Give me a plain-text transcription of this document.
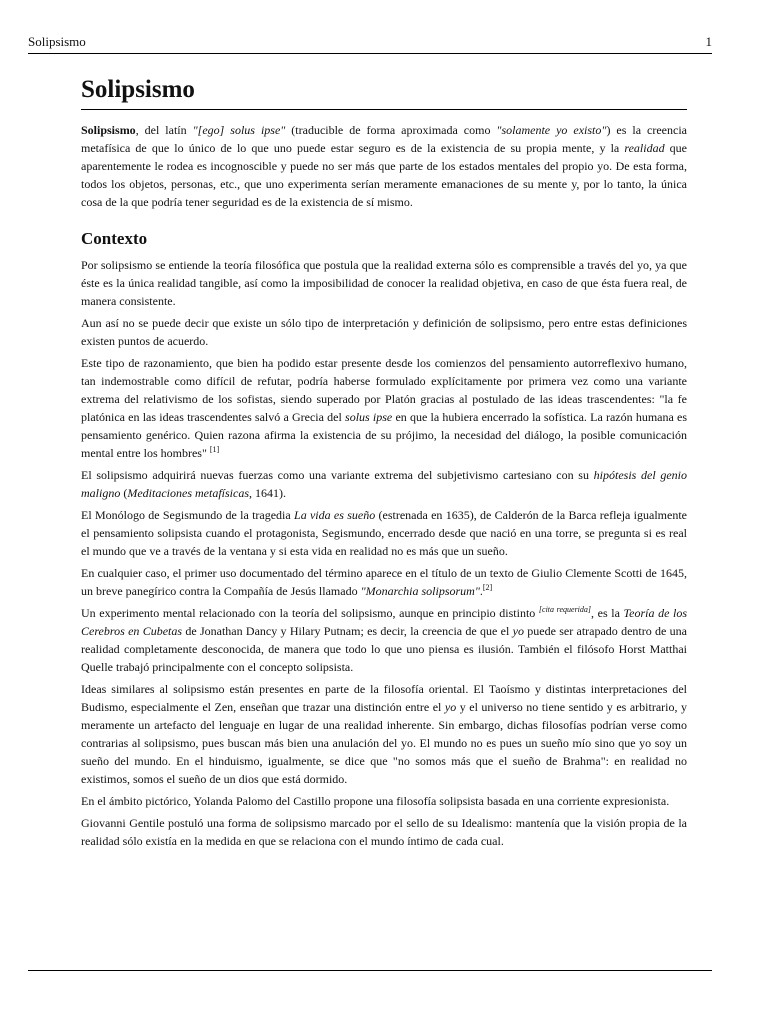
Solipsismo	1
Solipsismo

Solipsismo, del latín "[ego] solus ipse" (traducible de forma aproximada como "solamente yo existo") es la creencia metafísica de que lo único de lo que uno puede estar seguro es de la existencia de su propia mente, y la realidad que aparentemente le rodea es incognoscible y puede no ser más que parte de los estados mentales del propio yo. De esta forma, todos los objetos, personas, etc., que uno experimenta serían meramente emanaciones de su mente y, por lo tanto, la única cosa de la que podría tener seguridad es de la existencia de sí mismo.

Contexto

Por solipsismo se entiende la teoría filosófica que postula que la realidad externa sólo es comprensible a través del yo, ya que éste es la única realidad tangible, así como la imposibilidad de conocer la realidad objetiva, en caso de que ésta fuera real, de manera consistente.

Aun así no se puede decir que existe un sólo tipo de interpretación y definición de solipsismo, pero entre estas definiciones existen puntos de acuerdo.

Este tipo de razonamiento, que bien ha podido estar presente desde los comienzos del pensamiento autorreflexivo humano, tan indemostrable como difícil de refutar, podría haberse formulado explícitamente por primera vez como una variante extrema del relativismo de los sofistas, siendo superado por Platón gracias al postulado de las ideas trascendentes: "la fe platónica en las ideas trascendentes salvó a Grecia del solus ipse en que la hubiera encerrado la sofística. La razón humana es pensamiento genérico. Quien razona afirma la existencia de su prójimo, la necesidad del diálogo, la posible comunicación mental entre los hombres" [1]

El solipsismo adquirirá nuevas fuerzas como una variante extrema del subjetivismo cartesiano con su hipótesis del genio maligno (Meditaciones metafísicas, 1641).

El Monólogo de Segismundo de la tragedia La vida es sueño (estrenada en 1635), de Calderón de la Barca refleja igualmente el pensamiento solipsista cuando el protagonista, Segismundo, encerrado desde que nació en una torre, se pregunta si es real el mundo que ve a través de la ventana y si esta vida en realidad no es más que un sueño.

En cualquier caso, el primer uso documentado del término aparece en el título de un texto de Giulio Clemente Scotti de 1645, un breve panegírico contra la Compañía de Jesús llamado "Monarchia solipsorum".[2]

Un experimento mental relacionado con la teoría del solipsismo, aunque en principio distinto [cita requerida], es la Teoría de los Cerebros en Cubetas de Jonathan Dancy y Hilary Putnam; es decir, la creencia de que el yo puede ser atrapado dentro de una realidad completamente desconocida, de manera que todo lo que uno piensa es ilusión. También el filósofo Horst Matthai Quelle trabajó principalmente con el concepto solipsista.

Ideas similares al solipsismo están presentes en parte de la filosofía oriental. El Taoísmo y distintas interpretaciones del Budismo, especialmente el Zen, enseñan que trazar una distinción entre el yo y el universo no tiene sentido y es arbitrario, y meramente un artefacto del lenguaje en lugar de una realidad inherente. Sin embargo, dichas filosofías podrían verse como contrarias al solipsismo, pues buscan más bien una anulación del yo. El mundo no es pues un sueño mío sino que yo soy un sueño del mundo. En el hinduismo, igualmente, se dice que "no somos más que el sueño de Brahma": en realidad no existimos, somos el sueño de un dios que está dormido.

En el ámbito pictórico, Yolanda Palomo del Castillo propone una filosofía solipsista basada en una corriente expresionista.

Giovanni Gentile postuló una forma de solipsismo marcado por el sello de su Idealismo: mantenía que la visión propia de la realidad sólo existía en la medida en que se relaciona con el mundo íntimo de cada cual.
